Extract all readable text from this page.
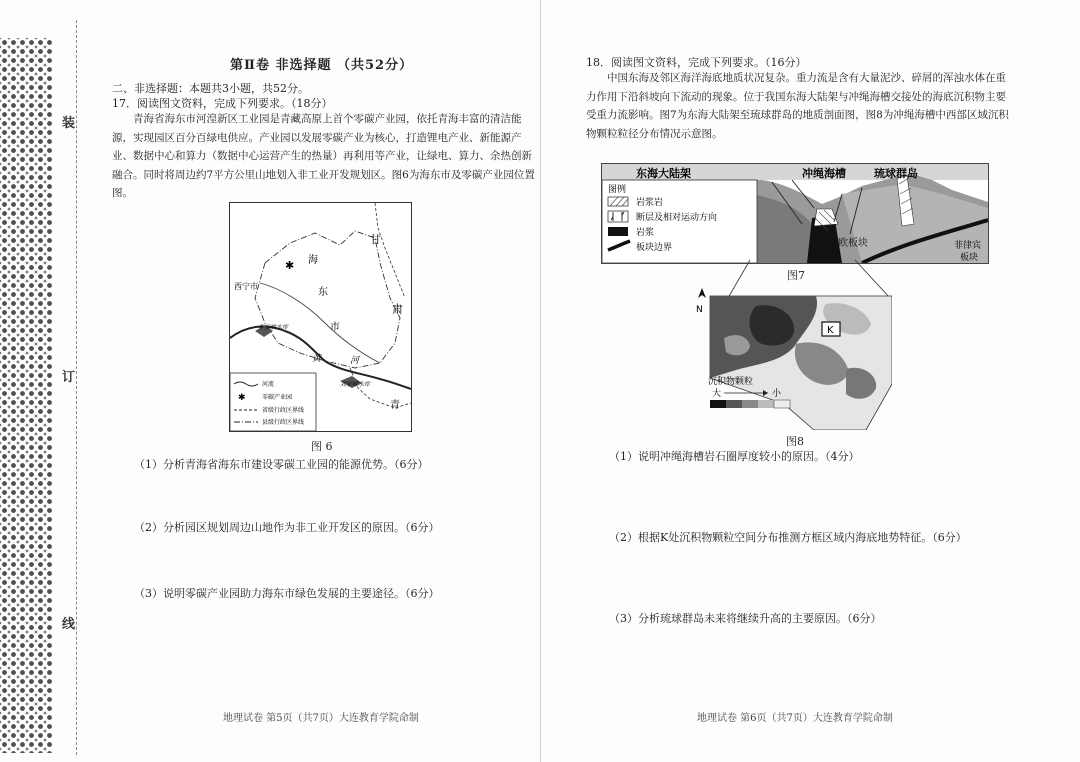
装
订
线
第Ⅱ卷 非选择题 （共52分）
二、非选择题：本题共3小题，共52分。
17．阅读图文资料，完成下列要求。（18分）
青海省海东市河湟新区工业园是青藏高原上首个零碳产业园，依托青海丰富的清洁能源，实现园区百分百绿电供应。产业园以发展零碳产业为核心，打造锂电产业、新能源产业、数据中心和算力（数据中心运营产生的热量）再利用等产业，让绿电、算力、余热创新融合。同时将周边约7平方公里山地划入非工业开发规划区。图6为海东市及零碳产业园位置图。
✱
甘
海
东
市
肃
西宁市
李家峡水库
黄	河
刘家峡水库
青
河流
✱	零碳产业园
省级行政区界线
县级行政区界线
图 6
（1）分析青海省海东市建设零碳工业园的能源优势。（6分）
（2）分析园区规划周边山地作为非工业开发区的原因。（6分）
（3）说明零碳产业园助力海东市绿色发展的主要途径。（6分）
地理试卷 第5页（共7页）大连教育学院命制
18．阅读图文资料，完成下列要求。（16分）
中国东海及邻区海洋海底地质状况复杂。重力流是含有大量泥沙、碎屑的浑浊水体在重力作用下沿斜坡向下流动的现象。位于我国东海大陆架与冲绳海槽交接处的海底沉积物主要受重力流影响。图7为东海大陆架至琉球群岛的地质剖面图，图8为冲绳海槽中西部区域沉积物颗粒粒径分布情况示意图。
东海大陆架	冲绳海槽	琉球群岛
亚欧板块	菲律宾
板块
图例
岩浆岩
断层及相对运动方向
岩浆
板块边界
图7
K
N
沉积物颗粒
大	小
图8
（1）说明冲绳海槽岩石圈厚度较小的原因。（4分）
（2）根据K处沉积物颗粒空间分布推测方框区域内海底地势特征。（6分）
（3）分析琉球群岛未来将继续升高的主要原因。（6分）
地理试卷 第6页（共7页）大连教育学院命制
